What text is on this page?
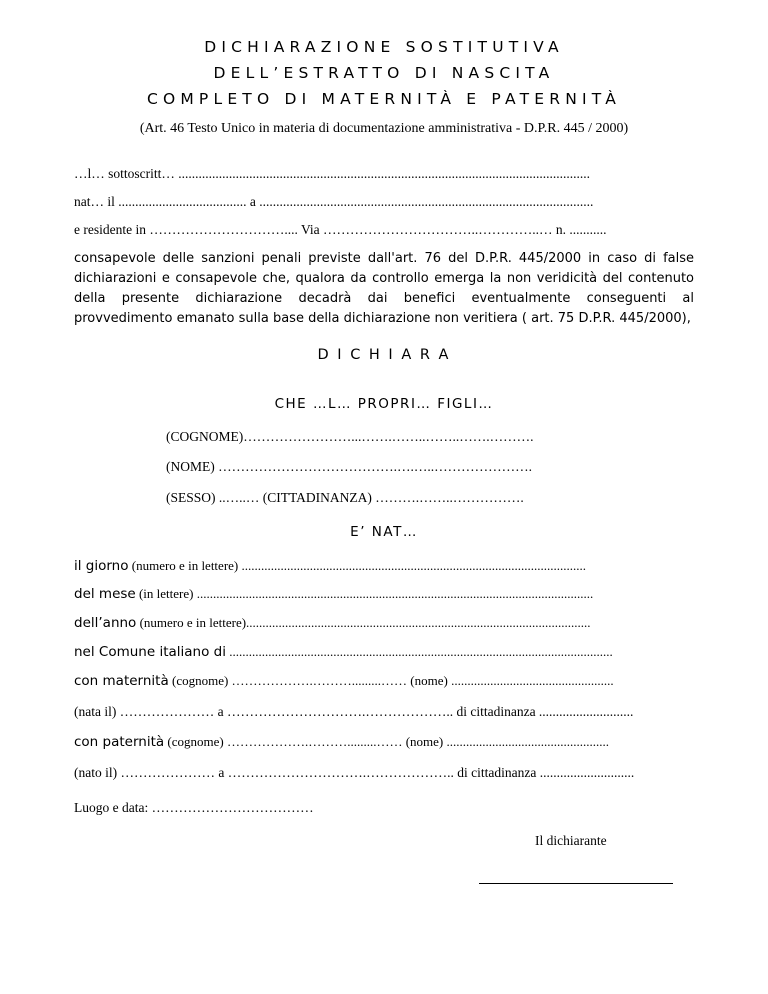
DICHIARAZIONE SOSTITUTIVA
DELL’ESTRATTO DI NASCITA
COMPLETO DI MATERNITÀ E PATERNITÀ
(Art. 46 Testo Unico in materia di documentazione amministrativa - D.P.R. 445 / 2000)
…l… sottoscritt… ..........................................................................................................................
nat… il ...................................... a ...................................................................................................
e residente in ………………………….... Via ……………………………..…………..… n. ...........
consapevole delle sanzioni penali previste dall'art. 76 del D.P.R. 445/2000 in caso di false dichiarazioni e consapevole che, qualora da controllo emerga la non veridicità del contenuto della presente dichiarazione decadrà dai benefici eventualmente conseguenti al provvedimento emanato sulla base della dichiarazione non veritiera ( art. 75 D.P.R. 445/2000),
D I C H I A R A
CHE …L… PROPRI… FIGLI…
(COGNOME)……………………...…….……..……..…….……….
(NOME) ………………………………….….…..………………….
(SESSO) ..…..… (CITTADINANZA) ……….……..…………….
E’ NAT…
il giorno (numero e in lettere) ..........................................................................................................
del mese (in lettere) ..........................................................................................................................
dell’anno (numero e in lettere)..........................................................................................................
nel Comune italiano di ......................................................................................................................
con maternità (cognome) ……………….……….........…… (nome) ..................................................
(nata il) ………………… a ………………………….……………….. di cittadinanza ............................
con paternità (cognome) ……………….……….........…… (nome) ..................................................
(nato il) ………………… a ………………………….……………….. di cittadinanza ............................
Luogo e data: ………………………………
Il dichiarante
